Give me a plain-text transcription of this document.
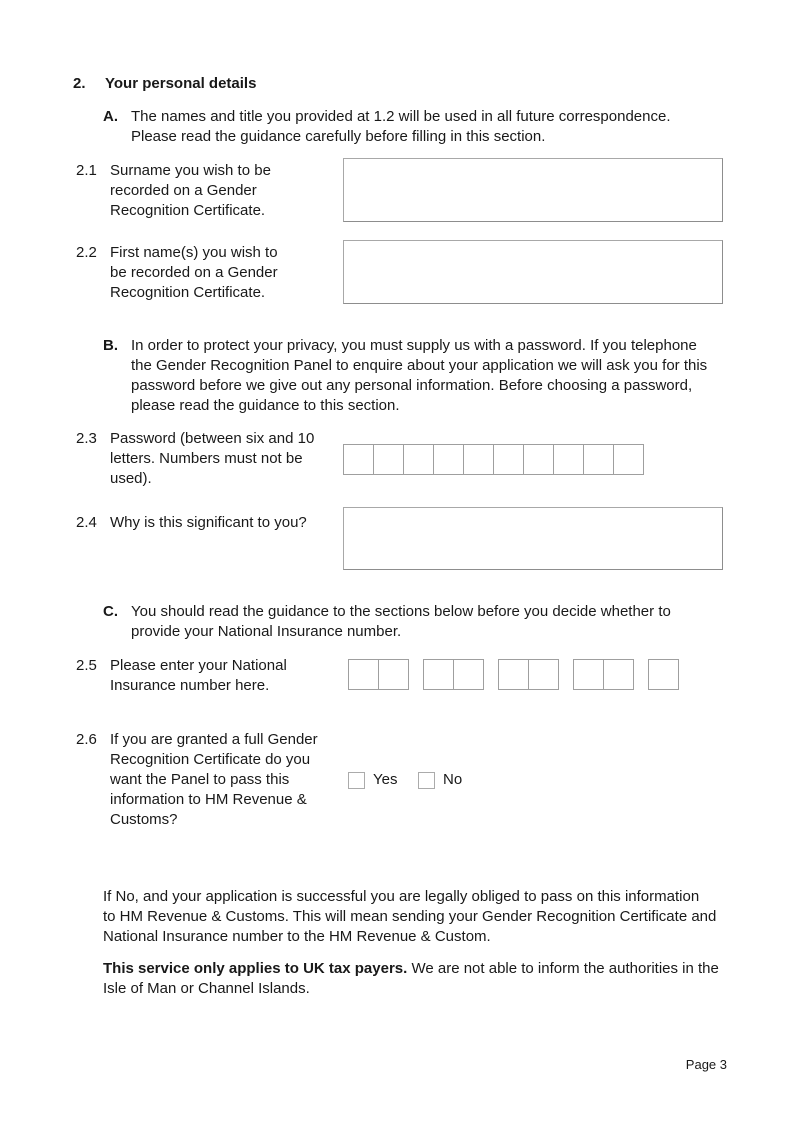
2.	Your personal details
A. The names and title you provided at 1.2 will be used in all future correspondence.
Please read the guidance carefully before filling in this section.
2.1 Surname you wish to be
recorded on a Gender
Recognition Certificate.
2.2 First name(s) you wish to
be recorded on a Gender
Recognition Certificate.
B. In order to protect your privacy, you must supply us with a password. If you telephone
the Gender Recognition Panel to enquire about your application we will ask you for this
password before we give out any personal information. Before choosing a password,
please read the guidance to this section.
2.3 Password (between six and 10
letters. Numbers must not be
used).
2.4 Why is this significant to you?
C. You should read the guidance to the sections below before you decide whether to
provide your National Insurance number.
2.5 Please enter your National
Insurance number here.
2.6 If you are granted a full Gender
Recognition Certificate do you
want the Panel to pass this
information to HM Revenue &
Customs?
Yes	No
If No, and your application is successful you are legally obliged to pass on this information
to HM Revenue & Customs. This will mean sending your Gender Recognition Certificate and
National Insurance number to the HM Revenue & Custom.
This service only applies to UK tax payers. We are not able to inform the authorities in the
Isle of Man or Channel Islands.
Page 3
